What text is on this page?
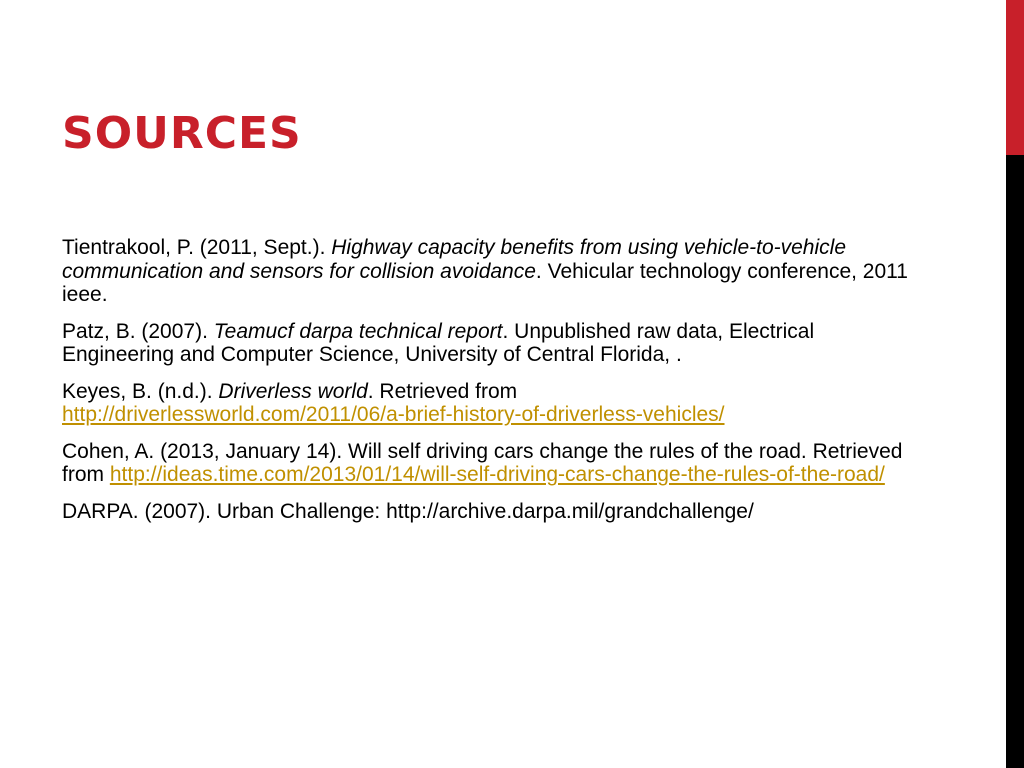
SOURCES

Tientrakool, P. (2011, Sept.). Highway capacity benefits from using vehicle-to-vehicle communication and sensors for collision avoidance. Vehicular technology conference, 2011 ieee.

Patz, B. (2007). Teamucf darpa technical report. Unpublished raw data, Electrical Engineering and Computer Science, University of Central Florida, .

Keyes, B. (n.d.). Driverless world. Retrieved from
http://driverlessworld.com/2011/06/a-brief-history-of-driverless-vehicles/

Cohen, A. (2013, January 14). Will self driving cars change the rules of the road. Retrieved from http://ideas.time.com/2013/01/14/will-self-driving-cars-change-the-rules-of-the-road/

DARPA. (2007). Urban Challenge: http://archive.darpa.mil/grandchallenge/
